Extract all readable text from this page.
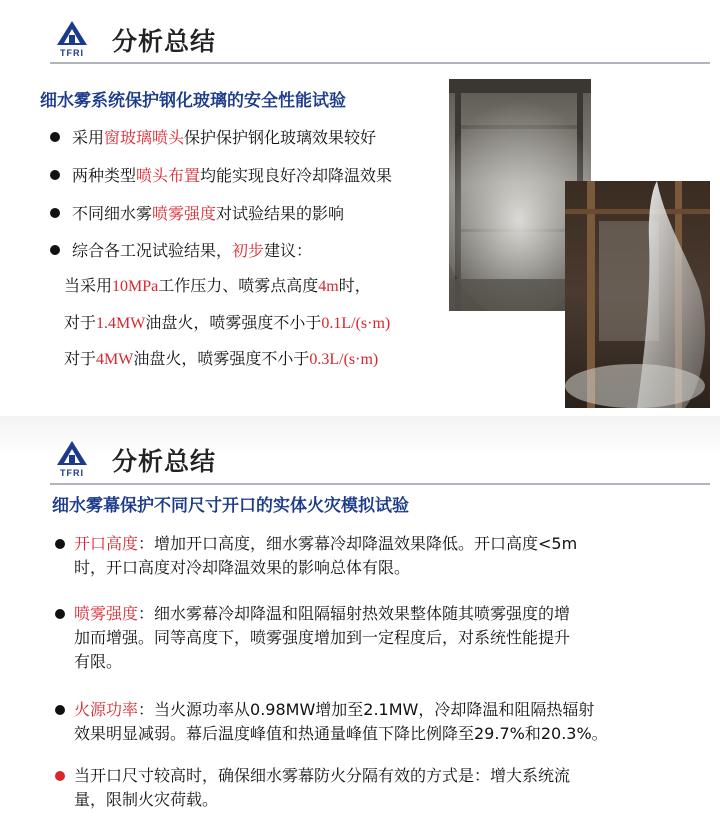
TFRI	分析总结
细水雾系统保护钢化玻璃的安全性能试验
采用窗玻璃喷头保护保护钢化玻璃效果较好
两种类型喷头布置均能实现良好冷却降温效果
不同细水雾喷雾强度对试验结果的影响
综合各工况试验结果，初步建议：
当采用10MPa工作压力、喷雾点高度4m时，
对于1.4MW油盘火，喷雾强度不小于0.1L/(s·m)
对于4MW油盘火，喷雾强度不小于0.3L/(s·m)
TFRI	分析总结
细水雾幕保护不同尺寸开口的实体火灾模拟试验
开口高度：增加开口高度，细水雾幕冷却降温效果降低。开口高度<5m
时，开口高度对冷却降温效果的影响总体有限。
喷雾强度：细水雾幕冷却降温和阻隔辐射热效果整体随其喷雾强度的增
加而增强。同等高度下，喷雾强度增加到一定程度后，对系统性能提升
有限。
火源功率：当火源功率从0.98MW增加至2.1MW，冷却降温和阻隔热辐射
效果明显减弱。幕后温度峰值和热通量峰值下降比例降至29.7%和20.3%。
当开口尺寸较高时，确保细水雾幕防火分隔有效的方式是：增大系统流
量，限制火灾荷载。
